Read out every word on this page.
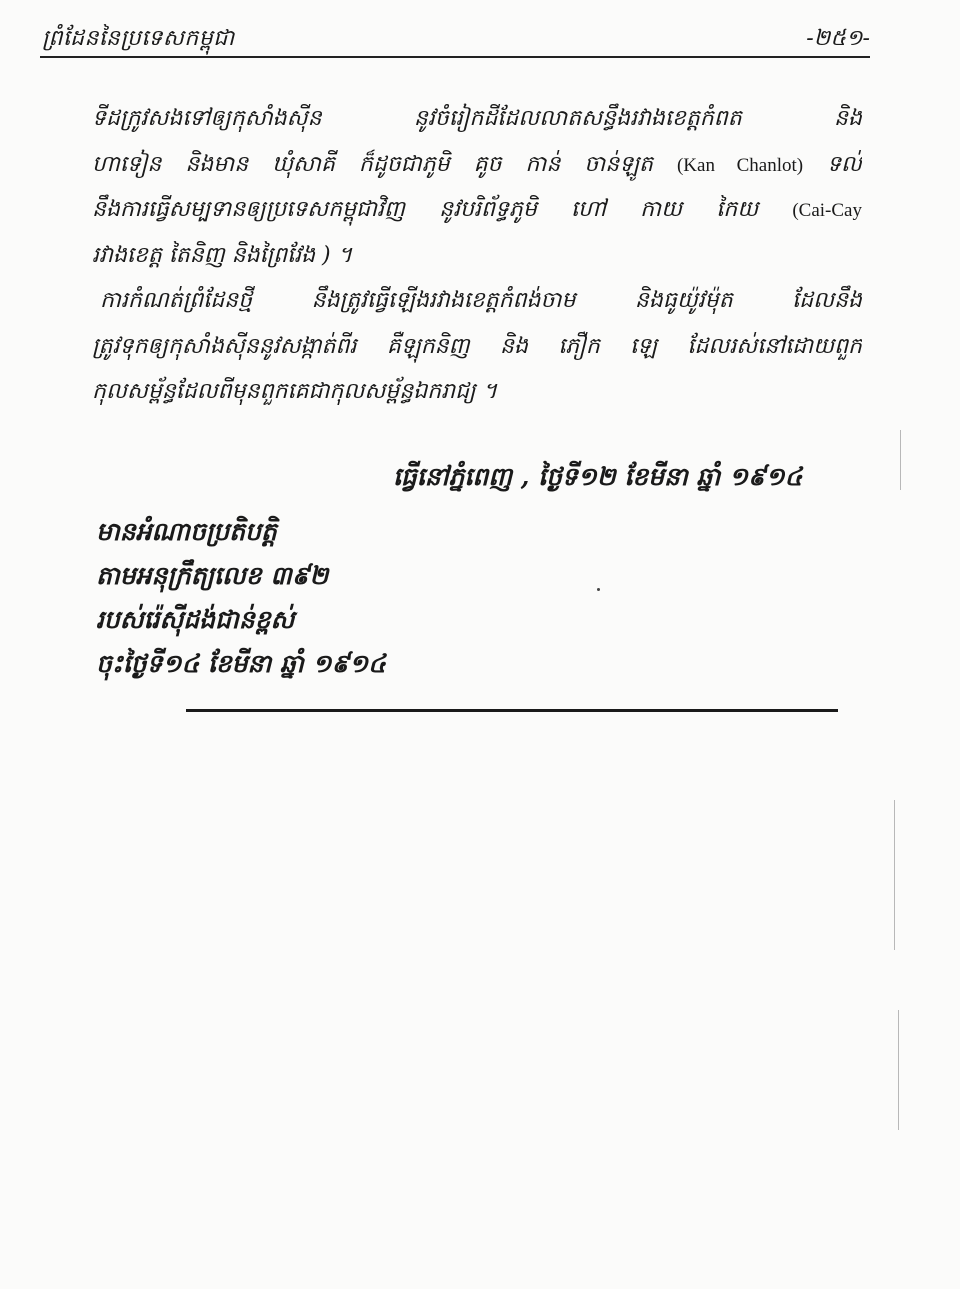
ព្រំដែននៃប្រទេសកម្ពុជា	-២៥១-
ទីដក្រូវសងទៅឲ្យកុសាំងស៊ីន នូវចំរៀកដីដែលលាតសន្ធឹងរវាងខេត្តកំពត និង
ហាទៀន និងមាន ឃុំសាគី ក៏ដូចជាភូមិ គូច កាន់ ចាន់ឡូត (Kan Chanlot) ទល់
នឹងការធ្វើសម្បទានឲ្យប្រទេសកម្ពុជាវិញ នូវបរិព័ទ្ធភូមិ ហៅ កាយ កៃយ (Cai-Cay
រវាងខេត្ត តៃនិញ និងព្រៃវែង ) ។
ការកំណត់ព្រំដែនថ្មី នឹងត្រូវធ្វើឡើងរវាងខេត្តកំពង់ចាម និងធូយ៉ូវម៉ុត ដែលនឹង
ត្រូវទុកឲ្យកុសាំងស៊ីននូវសង្កាត់ពីរ គឺឡុកនិញ និង ភឿក ឡេ ដែលរស់នៅដោយពួក
កុលសម្ព័ន្ធដែលពីមុនពួកគេជាកុលសម្ព័ន្ធឯករាជ្យ ។
ធ្វើនៅភ្នំពេញ , ថ្ងៃទី១២ ខែមីនា ឆ្នាំ ១៩១៤
មានអំណាចប្រតិបត្តិ
តាមអនុក្រឹត្យលេខ ៣៩២
របស់រ៉េស៊ីដង់ជាន់ខ្ពស់
ចុះថ្ងៃទី១៤ ខែមីនា ឆ្នាំ ១៩១៤
